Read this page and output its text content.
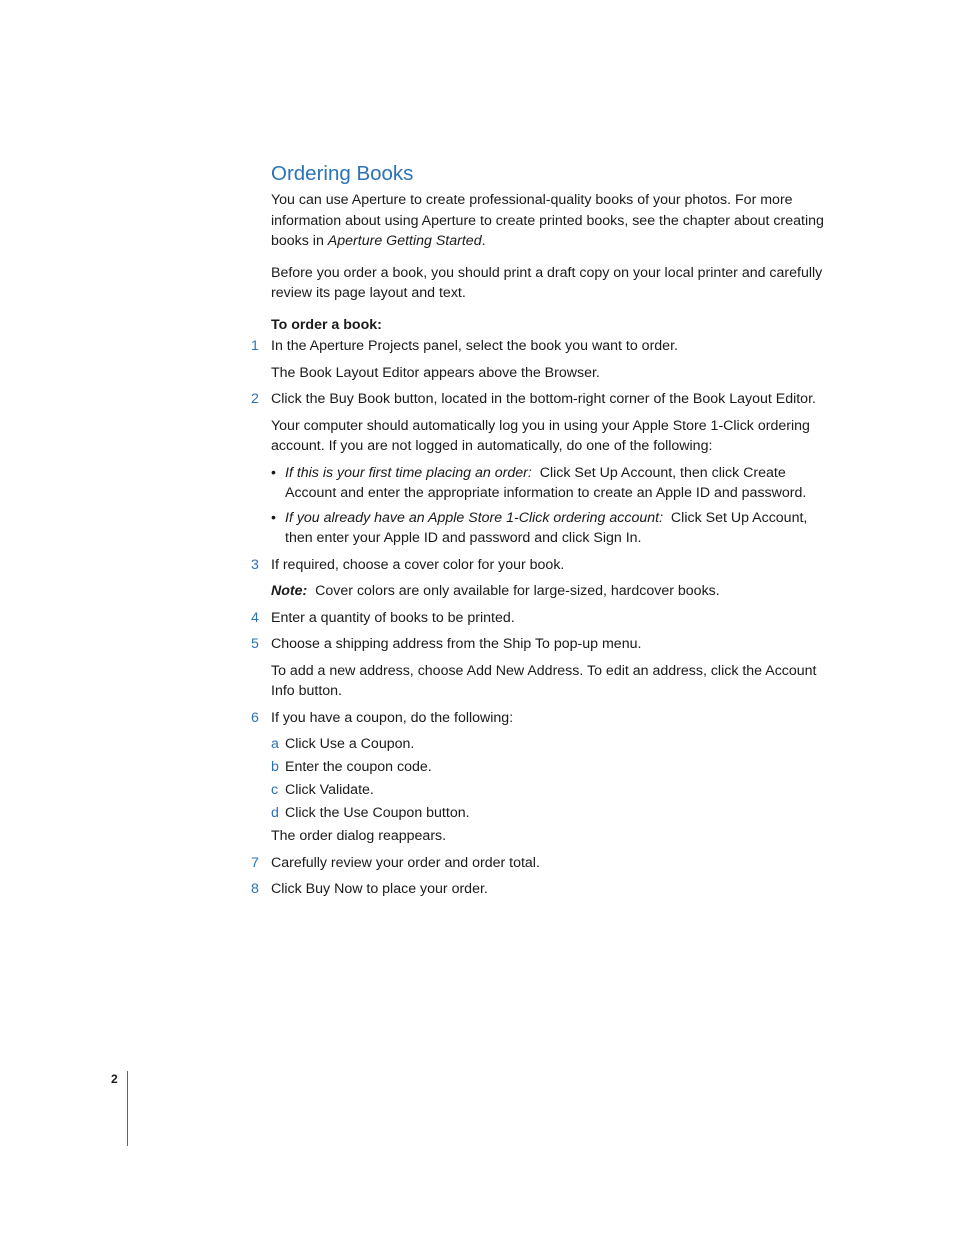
Ordering Books

You can use Aperture to create professional-quality books of your photos. For more information about using Aperture to create printed books, see the chapter about creating books in Aperture Getting Started.

Before you order a book, you should print a draft copy on your local printer and carefully review its page layout and text.

To order a book:

1 In the Aperture Projects panel, select the book you want to order.

The Book Layout Editor appears above the Browser.

2 Click the Buy Book button, located in the bottom-right corner of the Book Layout Editor.

Your computer should automatically log you in using your Apple Store 1-Click ordering account. If you are not logged in automatically, do one of the following:

• If this is your first time placing an order: Click Set Up Account, then click Create Account and enter the appropriate information to create an Apple ID and password.
• If you already have an Apple Store 1-Click ordering account: Click Set Up Account, then enter your Apple ID and password and click Sign In.
3 If required, choose a cover color for your book.

Note: Cover colors are only available for large-sized, hardcover books.

4 Enter a quantity of books to be printed.

5 Choose a shipping address from the Ship To pop-up menu.

To add a new address, choose Add New Address. To edit an address, click the Account Info button.

6 If you have a coupon, do the following:

a Click Use a Coupon.
b Enter the coupon code.
c Click Validate.
d Click the Use Coupon button.

The order dialog reappears.

7 Carefully review your order and order total.

8 Click Buy Now to place your order.

2
